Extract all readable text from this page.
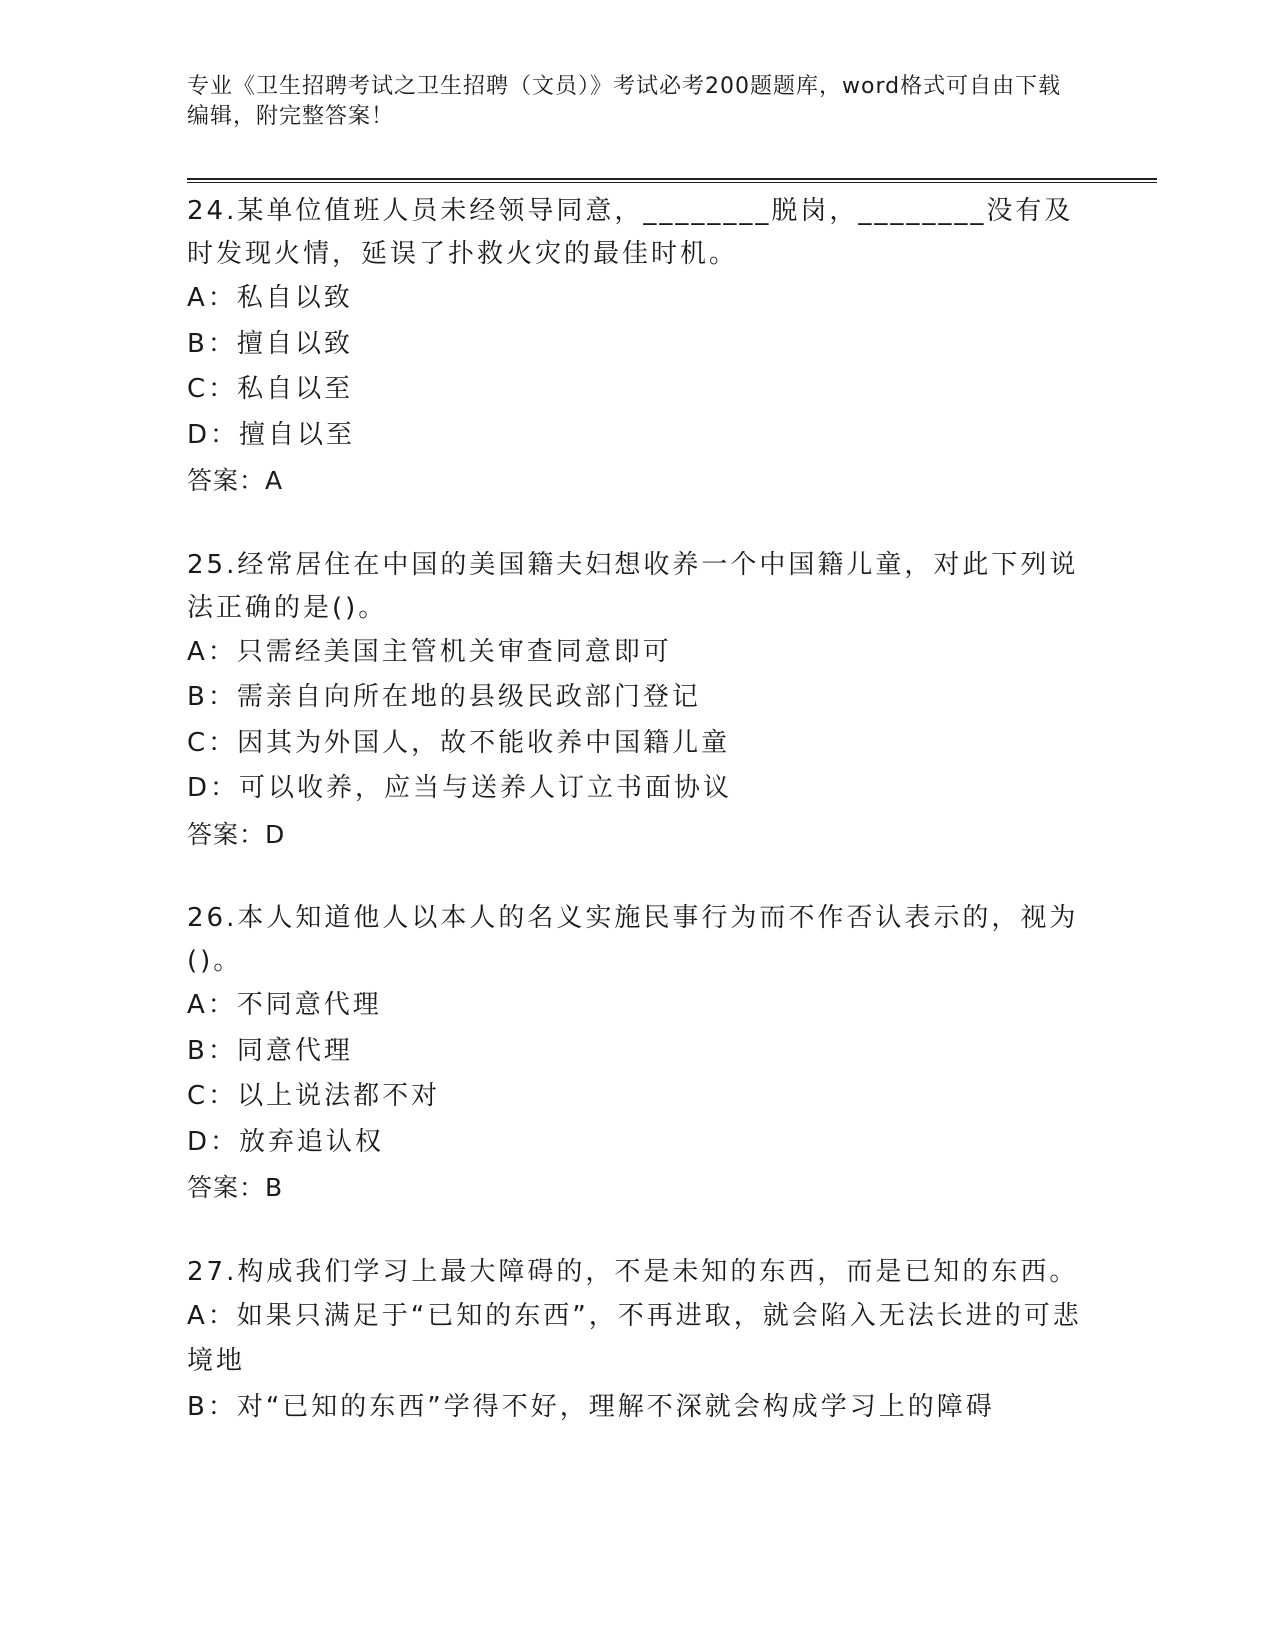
专业《卫生招聘考试之卫生招聘（文员）》考试必考200题题库，word格式可自由下载编辑，附完整答案！
24.某单位值班人员未经领导同意，________脱岗，________没有及时发现火情，延误了扑救火灾的最佳时机。
A：私自以致
B：擅自以致
C：私自以至
D：擅自以至
答案：A
25.经常居住在中国的美国籍夫妇想收养一个中国籍儿童，对此下列说法正确的是()。
A：只需经美国主管机关审查同意即可
B：需亲自向所在地的县级民政部门登记
C：因其为外国人，故不能收养中国籍儿童
D：可以收养，应当与送养人订立书面协议
答案：D
26.本人知道他人以本人的名义实施民事行为而不作否认表示的，视为()。
A：不同意代理
B：同意代理
C：以上说法都不对
D：放弃追认权
答案：B
27.构成我们学习上最大障碍的，不是未知的东西，而是已知的东西。
A：如果只满足于“已知的东西”，不再进取，就会陷入无法长进的可悲境地
B：对“已知的东西”学得不好，理解不深就会构成学习上的障碍
